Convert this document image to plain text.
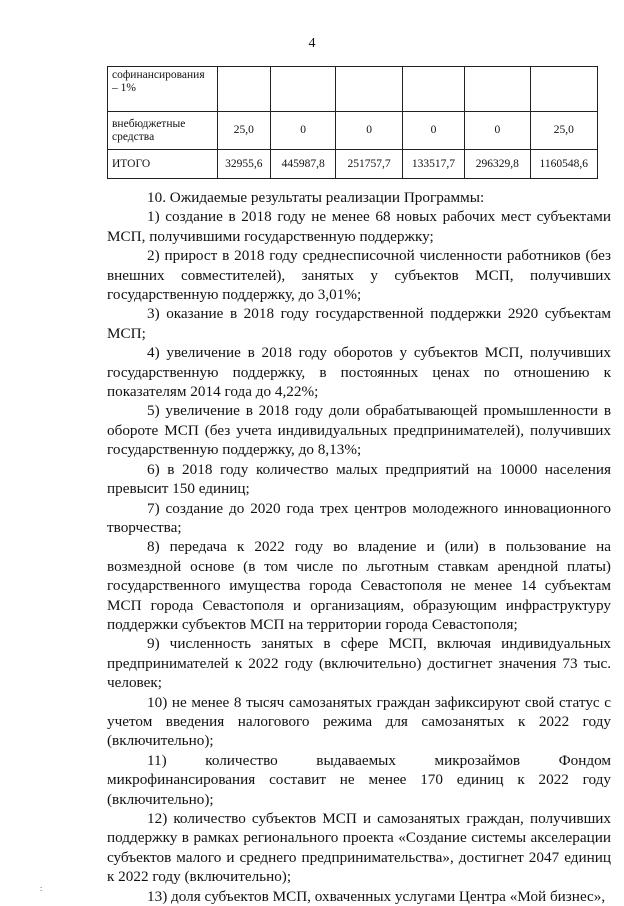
4
софинансирования – 1%						
внебюджетные средства	25,0	0	0	0	0	25,0
ИТОГО	32955,6	445987,8	251757,7	133517,7	296329,8	1160548,6

10. Ожидаемые результаты реализации Программы:

1) создание в 2018 году не менее 68 новых рабочих мест субъектами МСП, получившими государственную поддержку;

2) прирост в 2018 году среднесписочной численности работников (без внешних совместителей), занятых у субъектов МСП, получивших государственную поддержку, до 3,01%;

3) оказание в 2018 году государственной поддержки 2920 субъектам МСП;

4) увеличение в 2018 году оборотов у субъектов МСП, получивших государственную поддержку, в постоянных ценах по отношению к показателям 2014 года до 4,22%;

5) увеличение в 2018 году доли обрабатывающей промышленности в обороте МСП (без учета индивидуальных предпринимателей), получивших государственную поддержку, до 8,13%;

6) в 2018 году количество малых предприятий на 10000 населения превысит 150 единиц;

7) создание до 2020 года трех центров молодежного инновационного творчества;

8) передача к 2022 году во владение и (или) в пользование на возмездной основе (в том числе по льготным ставкам арендной платы) государственного имущества города Севастополя не менее 14 субъектам МСП города Севастополя и организациям, образующим инфраструктуру поддержки субъектов МСП на территории города Севастополя;

9) численность занятых в сфере МСП, включая индивидуальных предпринимателей к 2022 году (включительно) достигнет значения 73 тыс. человек;

10) не менее 8 тысяч самозанятых граждан зафиксируют свой статус с учетом введения налогового режима для самозанятых к 2022 году (включительно);

11) количество выдаваемых микрозаймов Фондом микрофинансирования составит не менее 170 единиц к 2022 году (включительно);

12) количество субъектов МСП и самозанятых граждан, получивших поддержку в рамках регионального проекта «Создание системы акселерации субъектов малого и среднего предпринимательства», достигнет 2047 единиц к 2022 году (включительно);

13) доля субъектов МСП, охваченных услугами Центра «Мой бизнес»,

:
